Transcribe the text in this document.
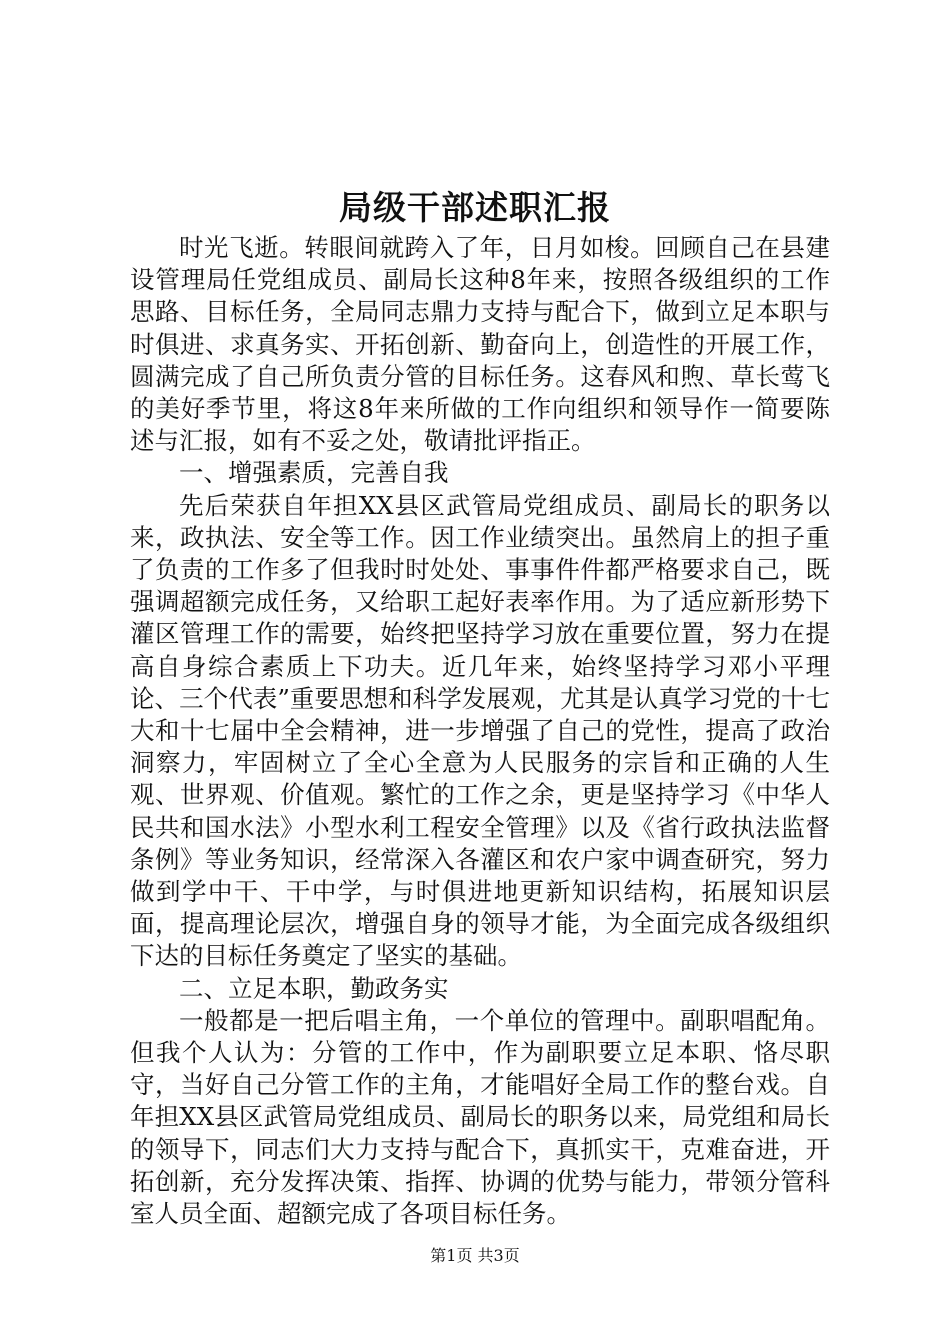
局级干部述职汇报

时光飞逝。转眼间就跨入了年，日月如梭。回顾自己在县建设管理局任党组成员、副局长这种8年来，按照各级组织的工作思路、目标任务，全局同志鼎力支持与配合下，做到立足本职与时俱进、求真务实、开拓创新、勤奋向上，创造性的开展工作，圆满完成了自己所负责分管的目标任务。这春风和煦、草长莺飞的美好季节里，将这8年来所做的工作向组织和领导作一简要陈述与汇报，如有不妥之处，敬请批评指正。

一、增强素质，完善自我

先后荣获自年担XX县区武管局党组成员、副局长的职务以来，政执法、安全等工作。因工作业绩突出。虽然肩上的担子重了负责的工作多了但我时时处处、事事件件都严格要求自己，既强调超额完成任务，又给职工起好表率作用。为了适应新形势下灌区管理工作的需要，始终把坚持学习放在重要位置，努力在提高自身综合素质上下功夫。近几年来，始终坚持学习邓小平理论、三个代表”重要思想和科学发展观，尤其是认真学习党的十七大和十七届中全会精神，进一步增强了自己的党性，提高了政治洞察力，牢固树立了全心全意为人民服务的宗旨和正确的人生观、世界观、价值观。繁忙的工作之余，更是坚持学习《中华人民共和国水法》小型水利工程安全管理》以及《省行政执法监督条例》等业务知识，经常深入各灌区和农户家中调查研究，努力做到学中干、干中学，与时俱进地更新知识结构，拓展知识层面，提高理论层次，增强自身的领导才能，为全面完成各级组织下达的目标任务奠定了坚实的基础。

二、立足本职，勤政务实

一般都是一把后唱主角，一个单位的管理中。副职唱配角。但我个人认为：分管的工作中，作为副职要立足本职、恪尽职守，当好自己分管工作的主角，才能唱好全局工作的整台戏。自年担XX县区武管局党组成员、副局长的职务以来，局党组和局长的领导下，同志们大力支持与配合下，真抓实干，克难奋进，开拓创新，充分发挥决策、指挥、协调的优势与能力，带领分管科室人员全面、超额完成了各项目标任务。

第1页 共3页
